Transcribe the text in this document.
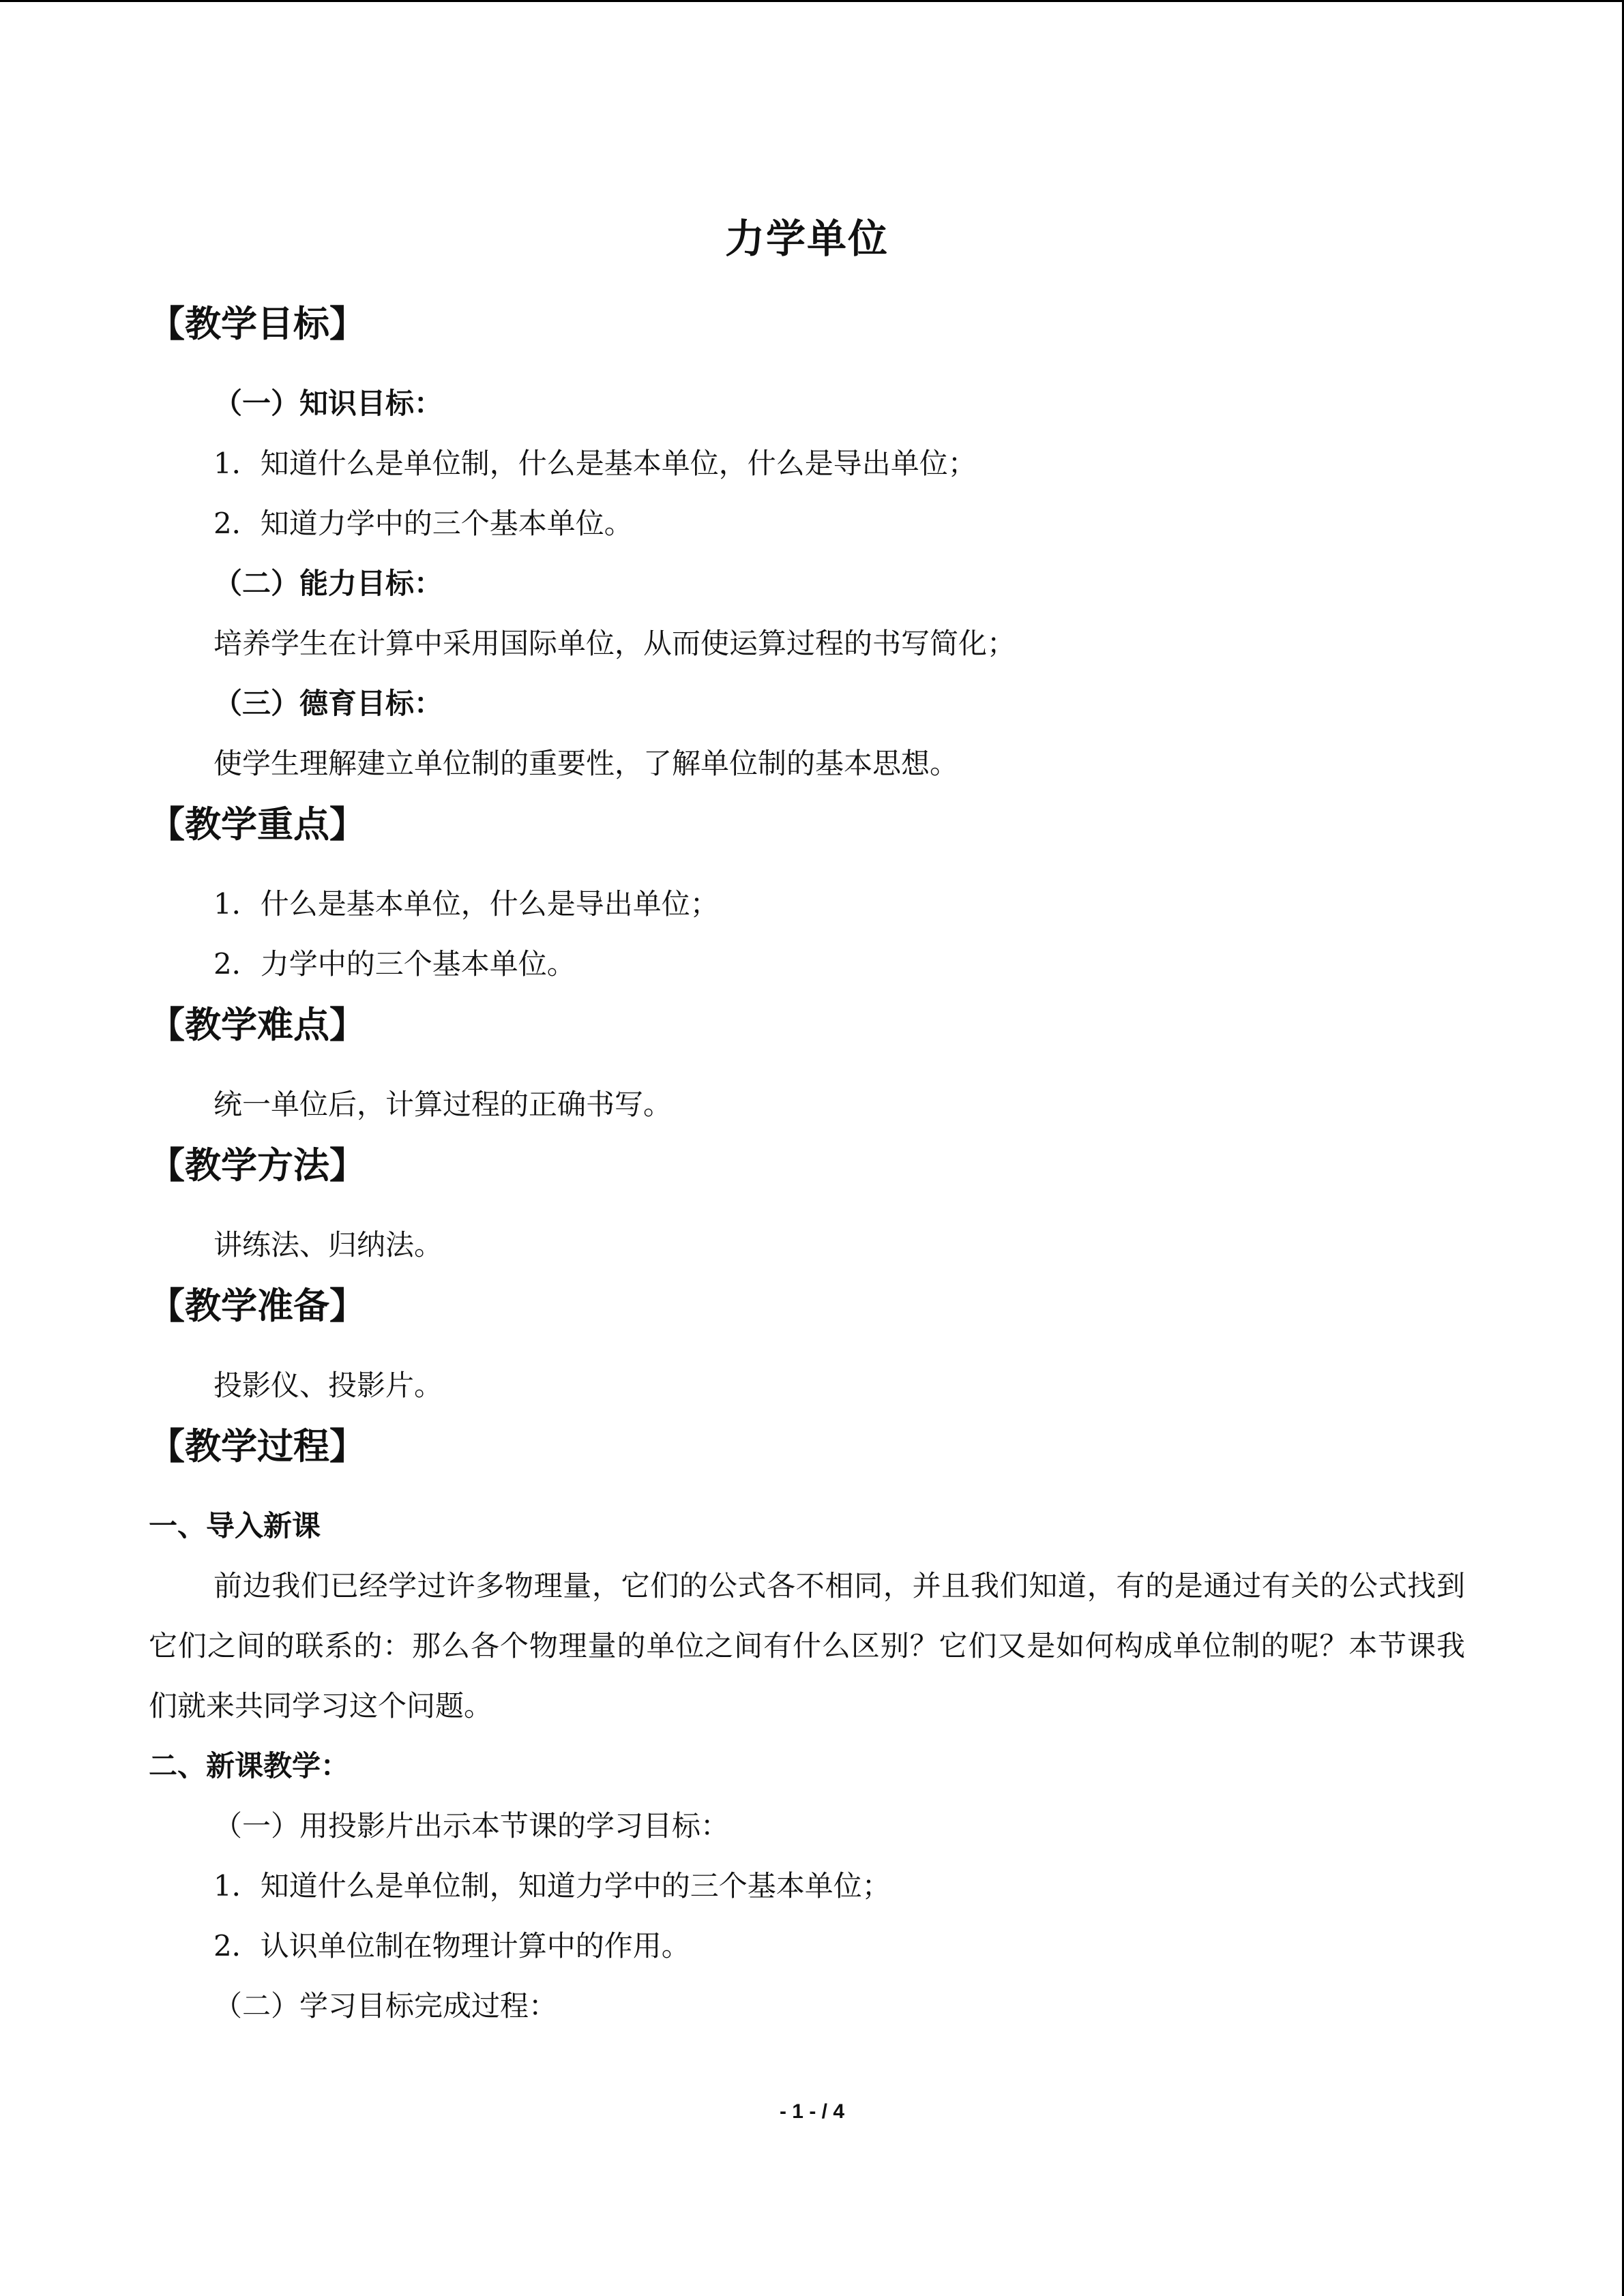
力学单位
【教学目标】

（一）知识目标：

1．知道什么是单位制，什么是基本单位，什么是导出单位；

2．知道力学中的三个基本单位。

（二）能力目标：

培养学生在计算中采用国际单位，从而使运算过程的书写简化；

（三）德育目标：

使学生理解建立单位制的重要性，了解单位制的基本思想。

【教学重点】

1．什么是基本单位，什么是导出单位；

2．力学中的三个基本单位。

【教学难点】

统一单位后，计算过程的正确书写。

【教学方法】

讲练法、归纳法。

【教学准备】

投影仪、投影片。

【教学过程】

一、导入新课

前边我们已经学过许多物理量，它们的公式各不相同，并且我们知道，有的是通过有关的公式找到它们之间的联系的：那么各个物理量的单位之间有什么区别？它们又是如何构成单位制的呢？本节课我们就来共同学习这个问题。

二、新课教学：

（一）用投影片出示本节课的学习目标：

1．知道什么是单位制，知道力学中的三个基本单位；

2．认识单位制在物理计算中的作用。

（二）学习目标完成过程：

- 1 - / 4
